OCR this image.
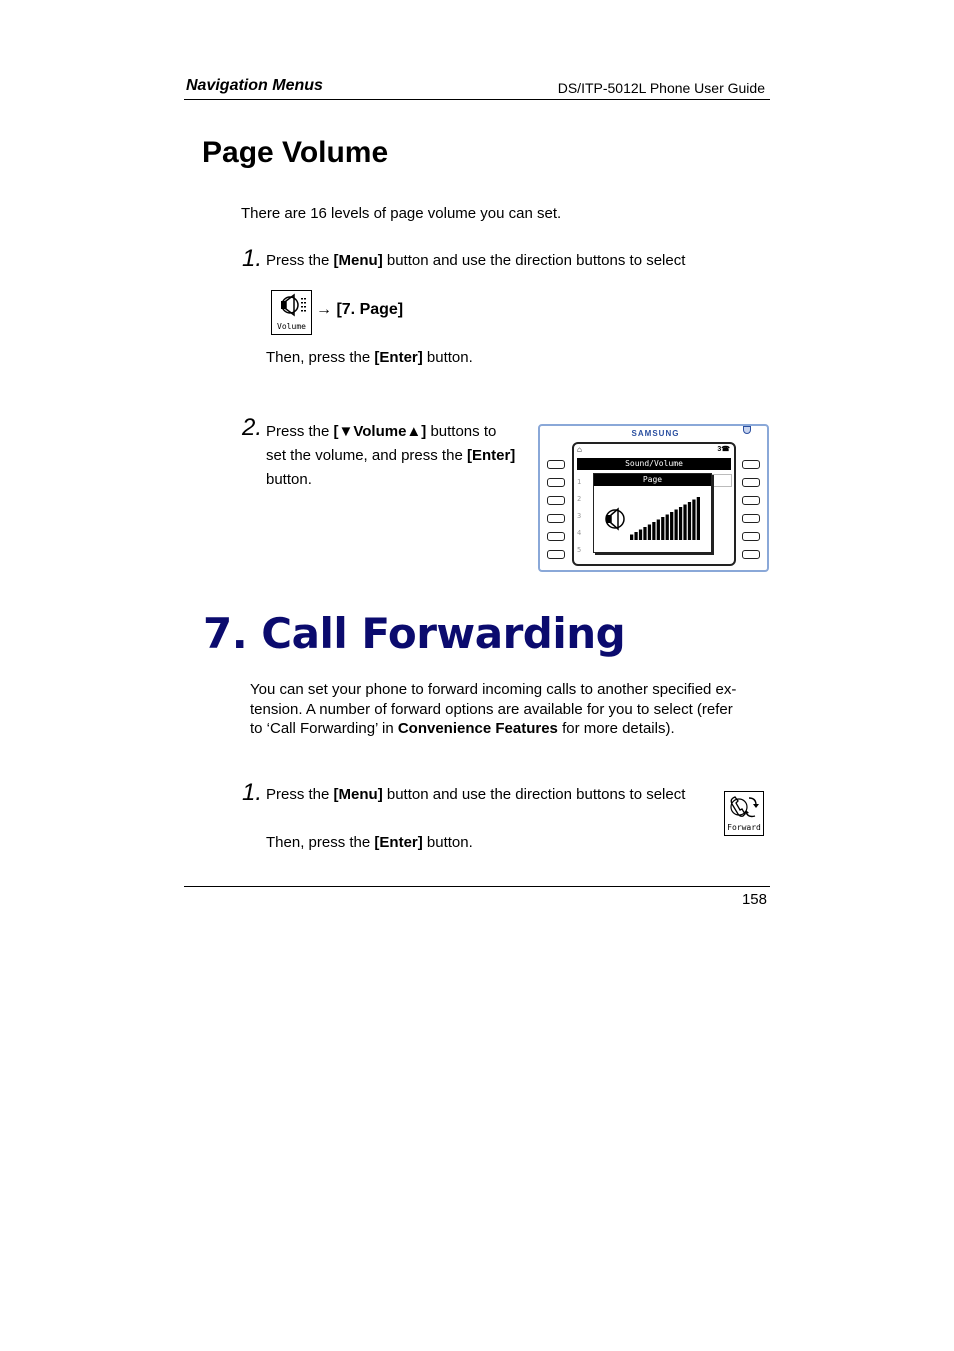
Navigation Menus	DS/ITP-5012L Phone User Guide
Page Volume
There are 16 levels of page volume you can set.
1. Press the [Menu] button and use the direction buttons to select
Volume
→ [7. Page]
Then, press the [Enter] button.
2. Press the [▼Volume▲] buttons to
set the volume, and press the [Enter]
button.
SAMSUNG
⌂	3☎
Sound/Volume
1
2
3
4
5
Page
7. Call Forwarding
You can set your phone to forward incoming calls to another specified ex-
tension. A number of forward options are available for you to select (refer
to ‘Call Forwarding’ in Convenience Features for more details).
1. Press the [Menu] button and use the direction buttons to select
Forward
Then, press the [Enter] button.
158
